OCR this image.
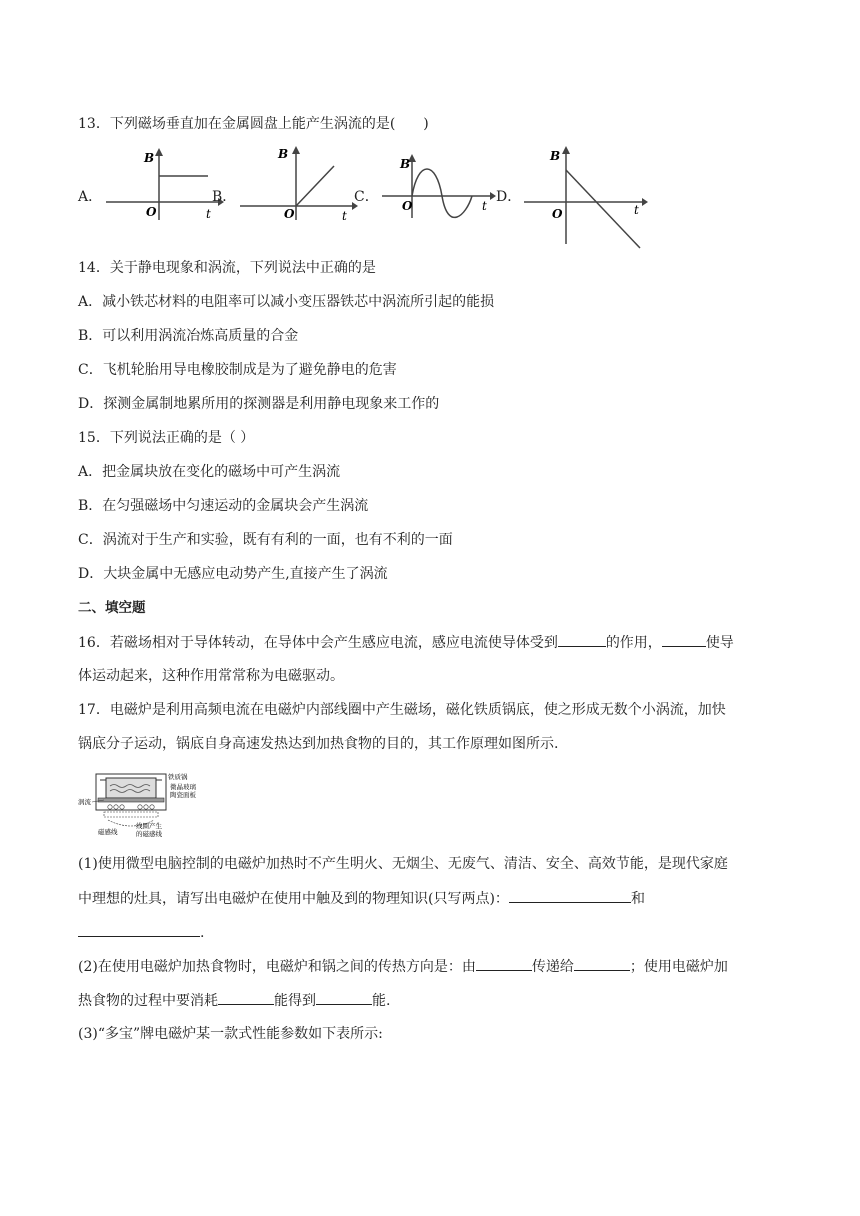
13．下列磁场垂直加在金属圆盘上能产生涡流的是(　　)
A．
B
O	t
B．
B
O	t
C．
B
O	t
D．
B
O	t
14．关于静电现象和涡流，下列说法中正确的是
A．减小铁芯材料的电阻率可以减小变压器铁芯中涡流所引起的能损
B．可以利用涡流冶炼高质量的合金
C．飞机轮胎用导电橡胶制成是为了避免静电的危害
D．探测金属制地累所用的探测器是利用静电现象来工作的
15．下列说法正确的是（ ）
A．把金属块放在变化的磁场中可产生涡流
B．在匀强磁场中匀速运动的金属块会产生涡流
C．涡流对于生产和实验，既有有利的一面，也有不利的一面
D．大块金属中无感应电动势产生,直接产生了涡流
二、填空题
16．若磁场相对于导体转动，在导体中会产生感应电流，感应电流使导体受到	的作用，	使导
体运动起来，这种作用常常称为电磁驱动。
17．电磁炉是利用高频电流在电磁炉内部线圈中产生磁场，磁化铁质锅底，使之形成无数个小涡流，加快
锅底分子运动，锅底自身高速发热达到加热食物的目的，其工作原理如图所示.
铁质锅
微晶玻璃
陶瓷面板
涡流
磁感线
线圈产生
的磁感线
(1)使用微型电脑控制的电磁炉加热时不产生明火、无烟尘、无废气、清洁、安全、高效节能，是现代家庭
中理想的灶具，请写出电磁炉在使用中触及到的物理知识(只写两点)：	和
.
(2)在使用电磁炉加热食物时，电磁炉和锅之间的传热方向是：由	传递给	；使用电磁炉加
热食物的过程中要消耗	能得到	能.
(3)“多宝”牌电磁炉某一款式性能参数如下表所示:
